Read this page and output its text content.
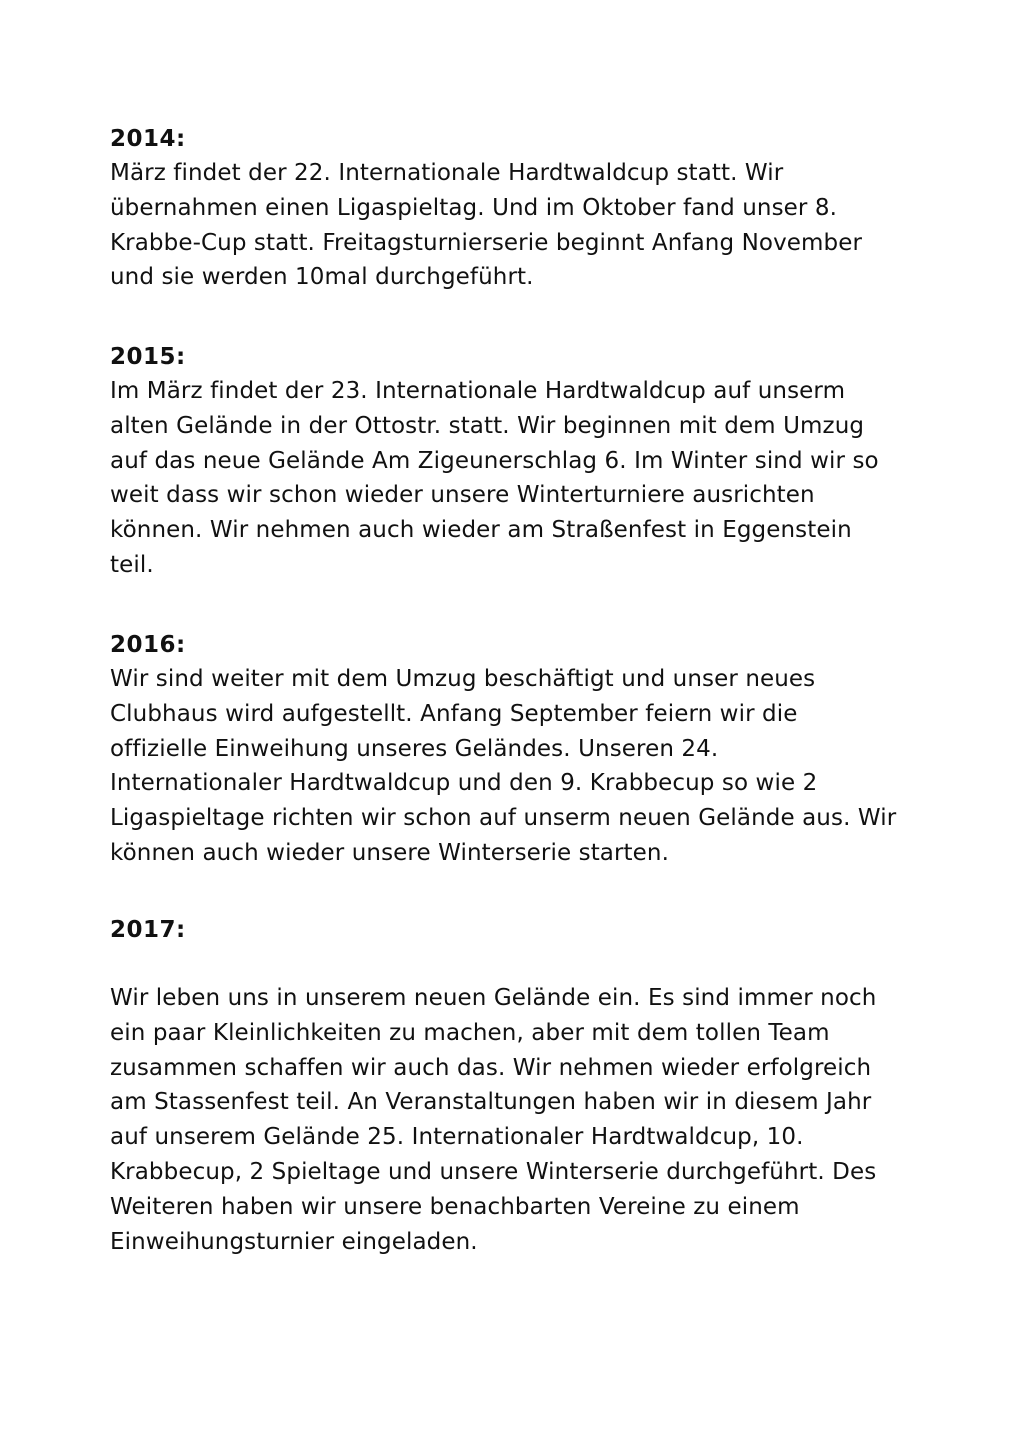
2014:
März findet der 22. Internationale Hardtwaldcup statt. Wir
übernahmen einen Ligaspieltag. Und im Oktober fand unser 8.
Krabbe-Cup statt. Freitagsturnierserie beginnt Anfang November
und sie werden 10mal durchgeführt.
2015:
Im März findet der 23. Internationale Hardtwaldcup auf unserm
alten Gelände in der Ottostr. statt. Wir beginnen mit dem Umzug
auf das neue Gelände Am Zigeunerschlag 6. Im Winter sind wir so
weit dass wir schon wieder unsere Winterturniere ausrichten
können. Wir nehmen auch wieder am Straßenfest in Eggenstein
teil.
2016:
Wir sind weiter mit dem Umzug beschäftigt und unser neues
Clubhaus wird aufgestellt. Anfang September feiern wir die
offizielle Einweihung unseres Geländes. Unseren 24.
Internationaler Hardtwaldcup und den 9. Krabbecup so wie 2
Ligaspieltage richten wir schon auf unserm neuen Gelände aus. Wir
können auch wieder unsere Winterserie starten.
2017:
Wir leben uns in unserem neuen Gelände ein. Es sind immer noch
ein paar Kleinlichkeiten zu machen, aber mit dem tollen Team
zusammen schaffen wir auch das. Wir nehmen wieder erfolgreich
am Stassenfest teil. An Veranstaltungen haben wir in diesem Jahr
auf unserem Gelände 25. Internationaler Hardtwaldcup, 10.
Krabbecup, 2 Spieltage und unsere Winterserie durchgeführt. Des
Weiteren haben wir unsere benachbarten Vereine zu einem
Einweihungsturnier eingeladen.
